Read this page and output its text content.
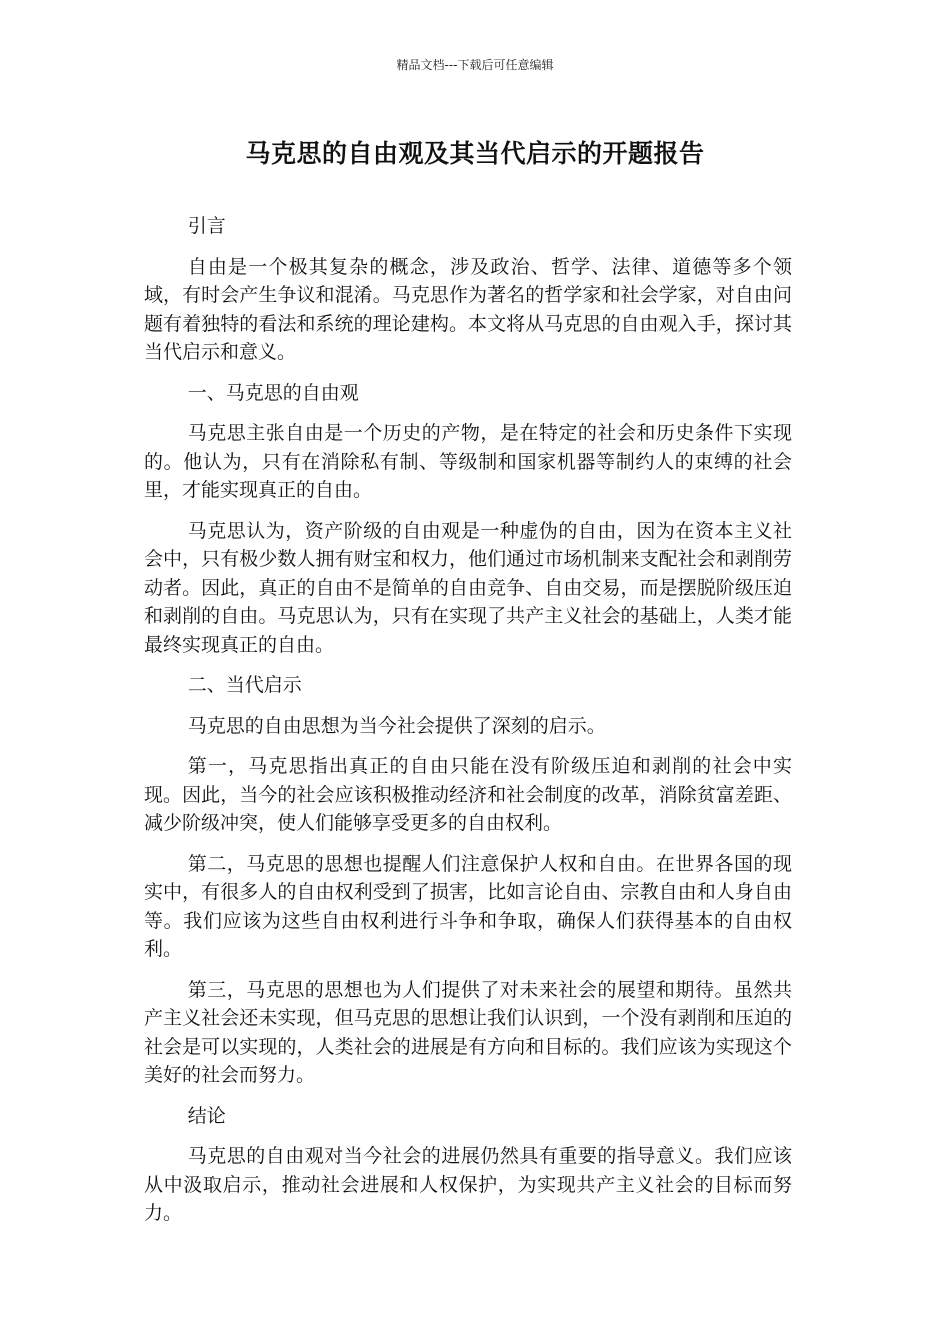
精品文档---下载后可任意编辑
马克思的自由观及其当代启示的开题报告
引言
自由是一个极其复杂的概念，涉及政治、哲学、法律、道德等多个领域，有时会产生争议和混淆。马克思作为著名的哲学家和社会学家，对自由问题有着独特的看法和系统的理论建构。本文将从马克思的自由观入手，探讨其当代启示和意义。
一、马克思的自由观
马克思主张自由是一个历史的产物，是在特定的社会和历史条件下实现的。他认为，只有在消除私有制、等级制和国家机器等制约人的束缚的社会里，才能实现真正的自由。
马克思认为，资产阶级的自由观是一种虚伪的自由，因为在资本主义社会中，只有极少数人拥有财宝和权力，他们通过市场机制来支配社会和剥削劳动者。因此，真正的自由不是简单的自由竞争、自由交易，而是摆脱阶级压迫和剥削的自由。马克思认为，只有在实现了共产主义社会的基础上，人类才能最终实现真正的自由。
二、当代启示
马克思的自由思想为当今社会提供了深刻的启示。
第一，马克思指出真正的自由只能在没有阶级压迫和剥削的社会中实现。因此，当今的社会应该积极推动经济和社会制度的改革，消除贫富差距、减少阶级冲突，使人们能够享受更多的自由权利。
第二，马克思的思想也提醒人们注意保护人权和自由。在世界各国的现实中，有很多人的自由权利受到了损害，比如言论自由、宗教自由和人身自由等。我们应该为这些自由权利进行斗争和争取，确保人们获得基本的自由权利。
第三，马克思的思想也为人们提供了对未来社会的展望和期待。虽然共产主义社会还未实现，但马克思的思想让我们认识到，一个没有剥削和压迫的社会是可以实现的，人类社会的进展是有方向和目标的。我们应该为实现这个美好的社会而努力。
结论
马克思的自由观对当今社会的进展仍然具有重要的指导意义。我们应该从中汲取启示，推动社会进展和人权保护，为实现共产主义社会的目标而努力。
